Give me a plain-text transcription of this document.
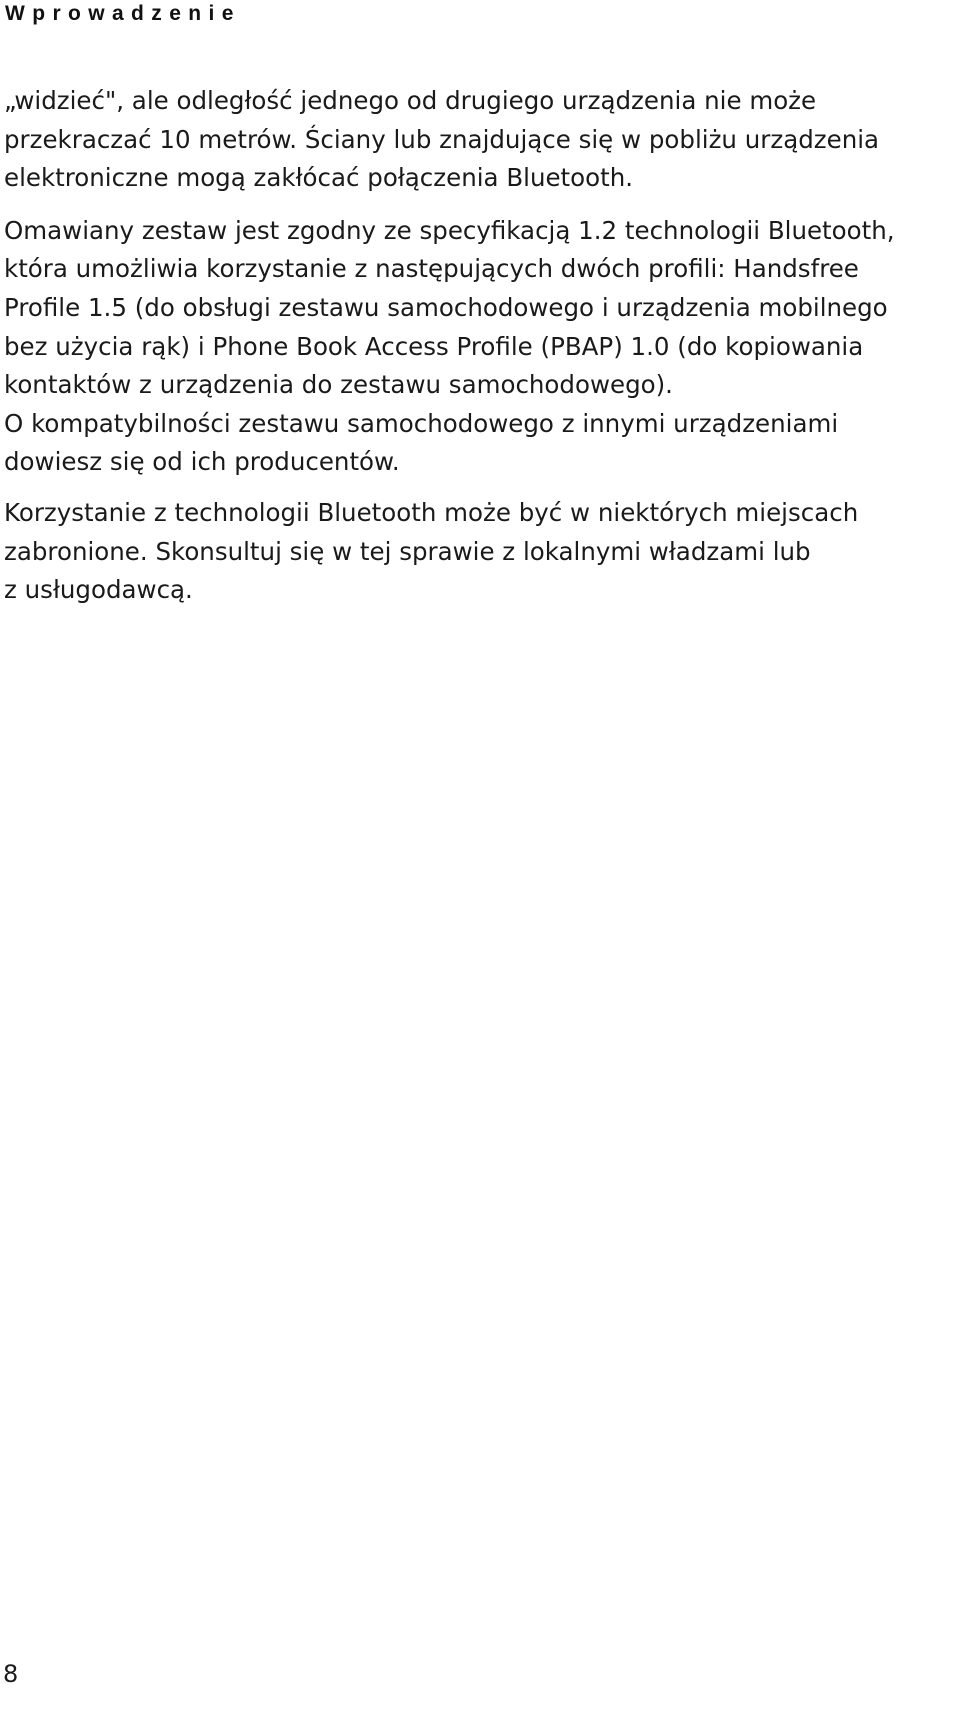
Wprowadzenie

„widzieć", ale odległość jednego od drugiego urządzenia nie może
przekraczać 10 metrów. Ściany lub znajdujące się w pobliżu urządzenia
elektroniczne mogą zakłócać połączenia Bluetooth.

Omawiany zestaw jest zgodny ze specyfikacją 1.2 technologii Bluetooth,
która umożliwia korzystanie z następujących dwóch profili: Handsfree
Profile 1.5 (do obsługi zestawu samochodowego i urządzenia mobilnego
bez użycia rąk) i Phone Book Access Profile (PBAP) 1.0 (do kopiowania
kontaktów z urządzenia do zestawu samochodowego).
O kompatybilności zestawu samochodowego z innymi urządzeniami
dowiesz się od ich producentów.

Korzystanie z technologii Bluetooth może być w niektórych miejscach
zabronione. Skonsultuj się w tej sprawie z lokalnymi władzami lub
z usługodawcą.

8
